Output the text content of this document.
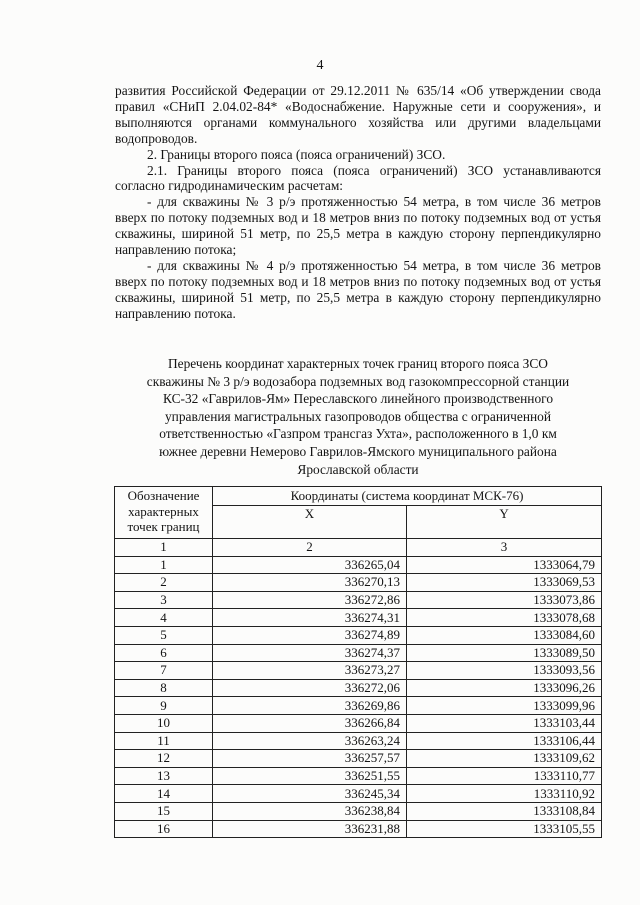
4

развития Российской Федерации от 29.12.2011 № 635/14 «Об утверждении свода правил «СНиП 2.04.02-84* «Водоснабжение. Наружные сети и сооружения», и выполняются органами коммунального хозяйства или другими владельцами водопроводов.

2. Границы второго пояса (пояса ограничений) ЗСО.

2.1. Границы второго пояса (пояса ограничений) ЗСО устанавливаются согласно гидродинамическим расчетам:

- для скважины № 3 р/э протяженностью 54 метра, в том числе 36 метров вверх по потоку подземных вод и 18 метров вниз по потоку подземных вод от устья скважины, шириной 51 метр, по 25,5 метра в каждую сторону перпендикулярно направлению потока;

- для скважины № 4 р/э протяженностью 54 метра, в том числе 36 метров вверх по потоку подземных вод и 18 метров вниз по потоку подземных вод от устья скважины, шириной 51 метр, по 25,5 метра в каждую сторону перпендикулярно направлению потока.

Перечень координат характерных точек границ второго пояса ЗСО
скважины № 3 р/э водозабора подземных вод газокомпрессорной станции
КС-32 «Гаврилов-Ям» Переславского линейного производственного
управления магистральных газопроводов общества с ограниченной
ответственностью «Газпром трансгаз Ухта», расположенного в 1,0 км
южнее деревни Немерово Гаврилов-Ямского муниципального района
Ярославской области
Обозначение характерных точек границ	Координаты (система координат МСК-76)	
	X	Y
1	2	3
1	336265,04	1333064,79
2	336270,13	1333069,53
3	336272,86	1333073,86
4	336274,31	1333078,68
5	336274,89	1333084,60
6	336274,37	1333089,50
7	336273,27	1333093,56
8	336272,06	1333096,26
9	336269,86	1333099,96
10	336266,84	1333103,44
11	336263,24	1333106,44
12	336257,57	1333109,62
13	336251,55	1333110,77
14	336245,34	1333110,92
15	336238,84	1333108,84
16	336231,88	1333105,55
